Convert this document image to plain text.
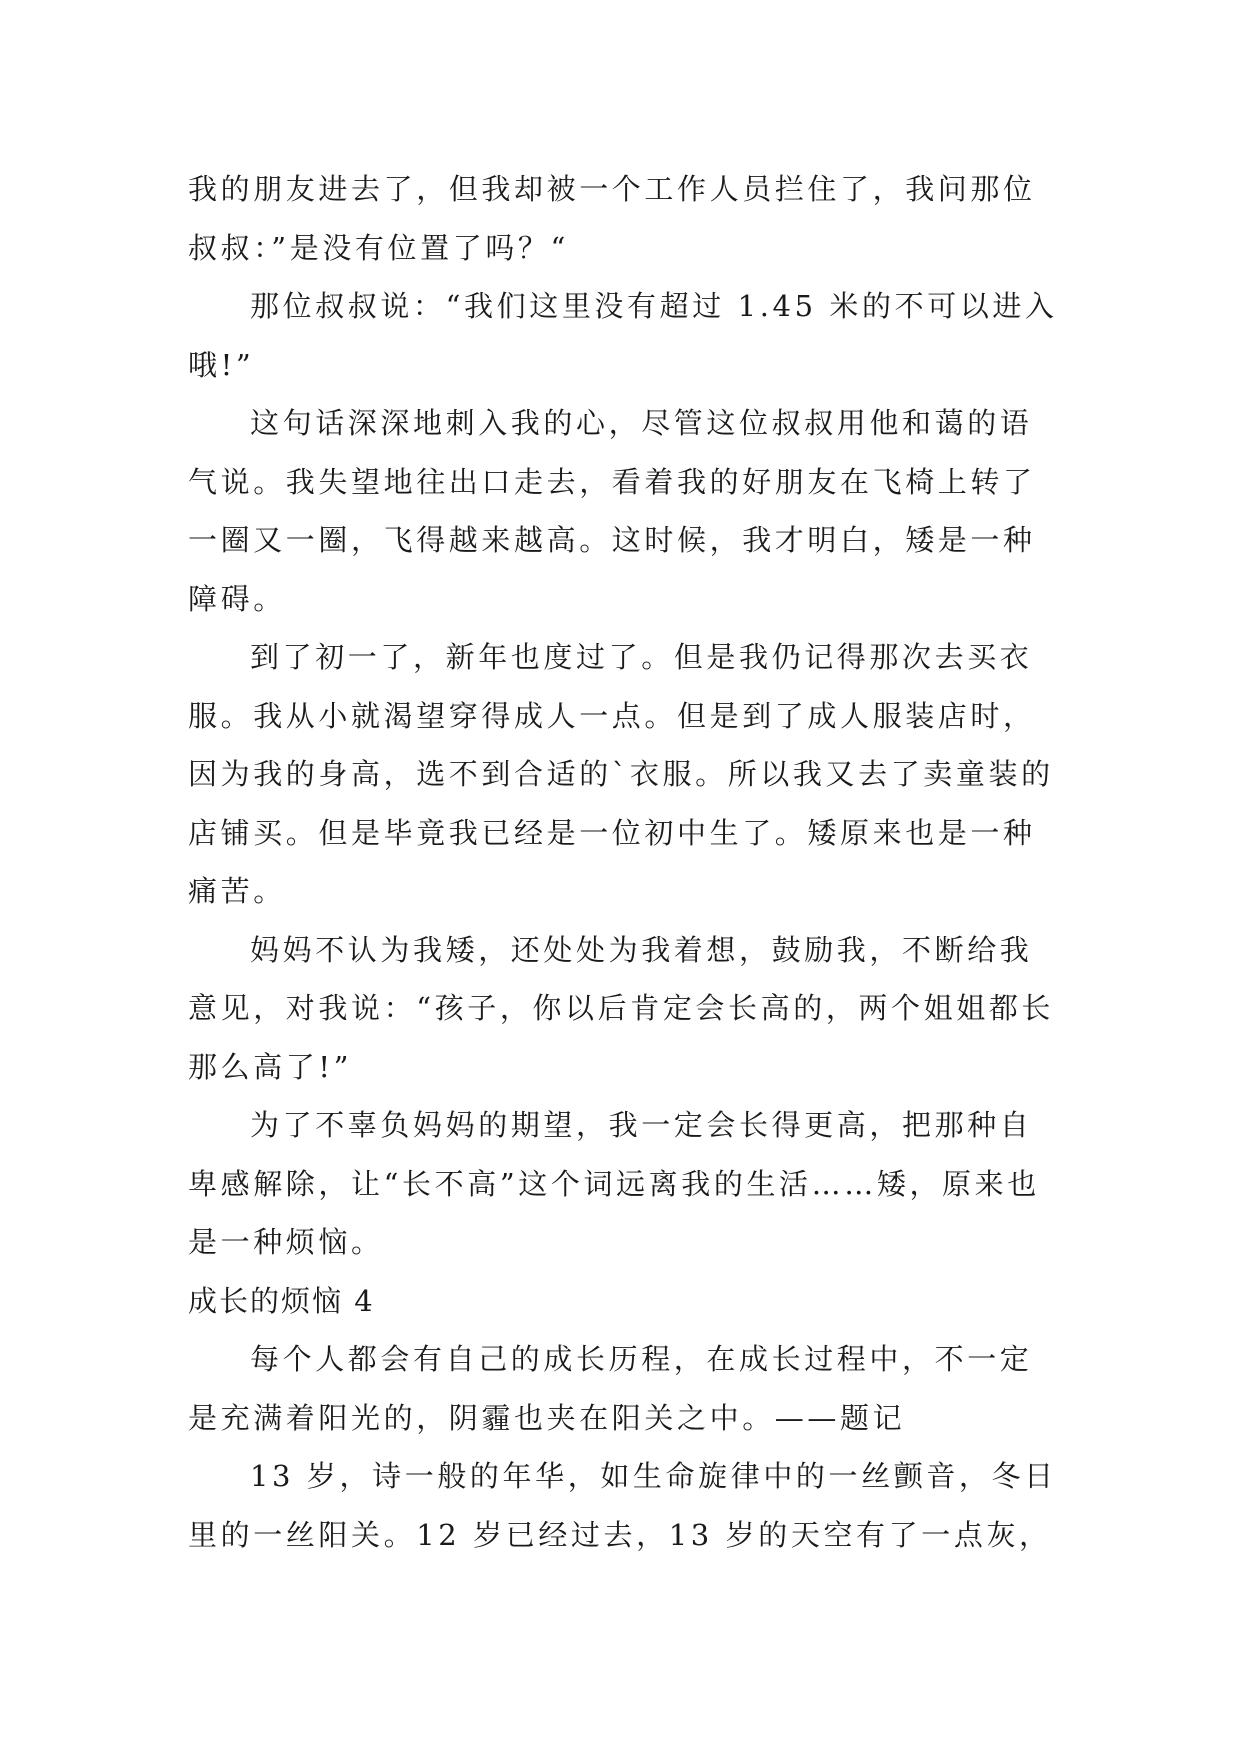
我的朋友进去了，但我却被一个工作人员拦住了，我问那位叔叔：”是没有位置了吗？“

那位叔叔说：“我们这里没有超过 1.45 米的不可以进入哦!”

这句话深深地刺入我的心，尽管这位叔叔用他和蔼的语气说。我失望地往出口走去，看着我的好朋友在飞椅上转了一圈又一圈，飞得越来越高。这时候，我才明白，矮是一种障碍。

到了初一了，新年也度过了。但是我仍记得那次去买衣服。我从小就渴望穿得成人一点。但是到了成人服装店时，因为我的身高，选不到合适的`衣服。所以我又去了卖童装的店铺买。但是毕竟我已经是一位初中生了。矮原来也是一种痛苦。

妈妈不认为我矮，还处处为我着想，鼓励我，不断给我意见，对我说：“孩子，你以后肯定会长高的，两个姐姐都长那么高了!”

为了不辜负妈妈的期望，我一定会长得更高，把那种自卑感解除，让“长不高”这个词远离我的生活……矮，原来也是一种烦恼。

成长的烦恼 4

每个人都会有自己的成长历程，在成长过程中，不一定是充满着阳光的，阴霾也夹在阳关之中。——题记

13 岁，诗一般的年华，如生命旋律中的一丝颤音，冬日里的一丝阳关。12 岁已经过去，13 岁的天空有了一点灰，
